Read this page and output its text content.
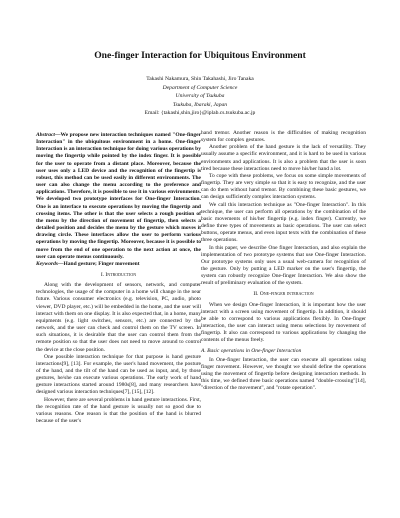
One-finger Interaction for Ubiquitous Environment
Takashi Nakamura, Shin Takahashi, Jiro Tanaka
Department of Computer Science
University of Tsukuba
Tsukuba, Ibaraki, Japan
Email: {takashi,shin,jiro}@iplab.cs.tsukuba.ac.jp

Abstract—We propose new interaction techniques named "One-finger Interaction" in the ubiquitous environment in a home. One-finger Interaction is an interaction technique for doing various operations by moving the fingertip while pointed by the index finger. It is possible for the user to operate from a distant place. Moreover, because the user uses only a LED device and the recognition of the fingertip is robust, this method can be used easily in different environments. The user can also change the menu according to the preference and applications. Therefore, it is possible to use it in various environments. We developed two prototype interfaces for One-finger Interaction. One is an interface to execute operations by moving the fingertip and crossing items. The other is that the user selects a rough position of the menu by the direction of movement of fingertip, then selects a detailed position and decides the menu by the gesture which moves it drawing circle. These interfaces allow the user to perform various operations by moving the fingertip. Moreover, because it is possible to move from the end of one operation to the next action at once, the user can operate menus continuously.

Keywords—Hand gesture; Finger movement

I. Introduction

Along with the development of sensors, network, and computer technologies, the usage of the computer in a home will change in the near future. Various consumer electronics (e.g. television, PC, audio, photo viewer, DVD player, etc.) will be embedded in the home, and the user will interact with them on one display. It is also expected that, in a home, many equipments (e.g. light switches, sensors, etc.) are connected by the network, and the user can check and control them on the TV screen. In such situations, it is desirable that the user can control them from the remote position so that the user does not need to move around to control the device at the close position.

One possible interaction technique for that purpose is hand gesture interactions[9], [13]. For example, the user's hand movement, the posture of the hand, and the tilt of the hand can be used as input, and, by those gestures, he/she can execute various operations. The early work of hand gesture interactions started around 1980s[8], and many researchers have designed various interaction techniques[7], [15], [12].

However, there are several problems in hand gesture interactions. First, the recognition rate of the hand gesture is usually not so good due to various reasons. One reason is that the position of the hand is blurred because of the user's

hand tremor. Another reason is the difficulties of making recognition system for complex gestures.

Another problem of the hand gesture is the lack of versatility. They usually assume a specific environment, and it is hard to be used in various environments and applications. It is also a problem that the user is soon tired because these interactions need to move his/her hand a lot.

To cope with these problems, we focus on some simple movements of fingertip. They are very simple so that it is easy to recognize, and the user can do them without hand tremor. By combining these basic gestures, we can design sufficiently complex interaction systems.

We call this interaction technique as "One-finger Interaction". In this technique, the user can perform all operations by the combination of the basic movements of his/her fingertip (e.g. index finger). Currently, we define three types of movements as basic operations. The user can select buttons, operate menus, and even input texts with the combination of these three operations.

In this paper, we describe One finger Interaction, and also explain the implementation of two prototype systems that use One-finger Interaction. Our prototype systems only uses a usual web-camera for recognition of the gesture. Only by putting a LED marker on the user's fingertip, the system can robustly recognize One-finger Interaction. We also show the result of preliminary evaluation of the system.

II. One-finger interaction

When we design One-finger Interaction, it is important how the user interact with a screen using movement of fingertip. In addition, it should be able to correspond to various applications flexibly. In One-finger interaction, the user can interact using menu selections by movement of fingertip. It also can correspond to various applications by changing the contents of the menus freely.

A. Basic operations in One-finger Interaction

In One-finger Interaction, the user can execute all operations using finger movement. However, we thought we should define the operations using the movement of fingertip before designing interaction methods. In this time, we defined three basic operations named "double-crossing"[14], "direction of the movement", and "rotate operation".
